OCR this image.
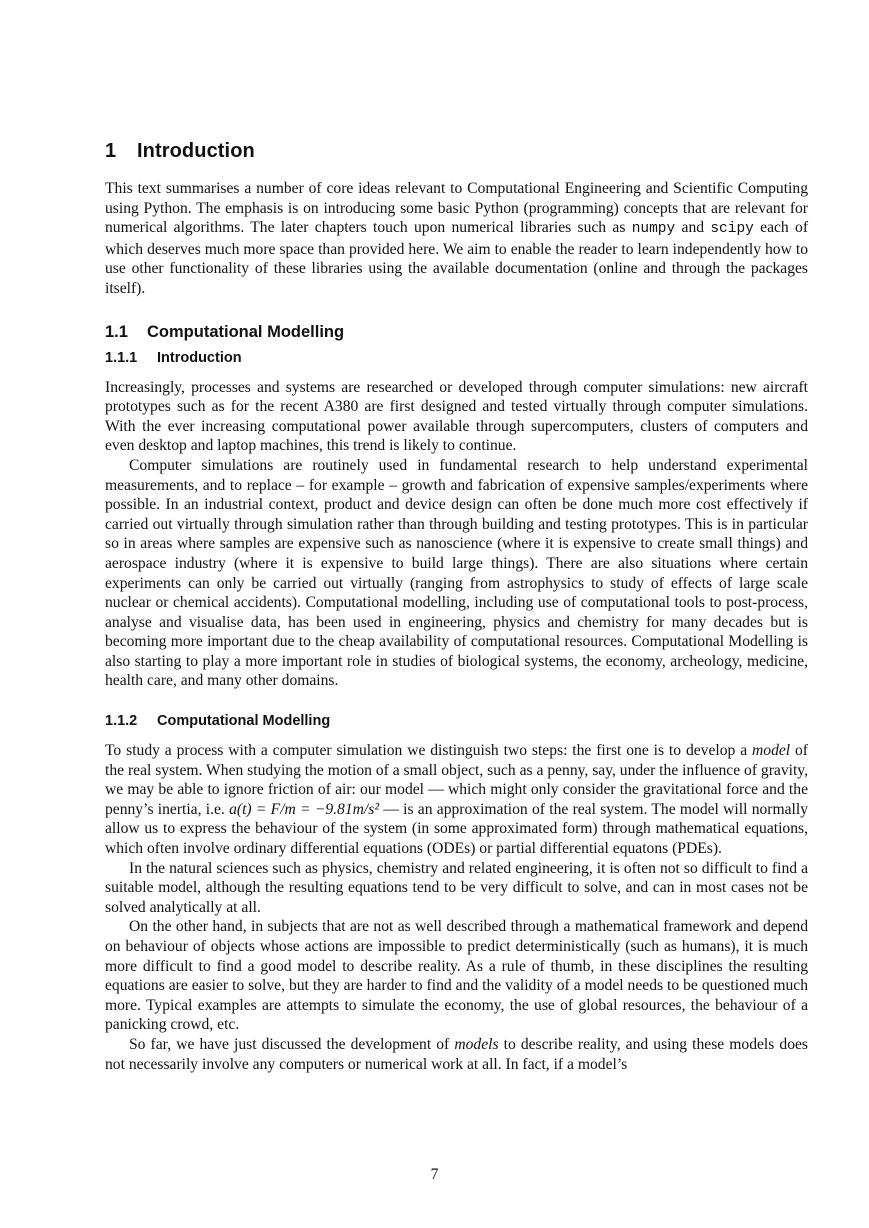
1 Introduction

This text summarises a number of core ideas relevant to Computational Engineering and Scientific Computing using Python. The emphasis is on introducing some basic Python (programming) concepts that are relevant for numerical algorithms. The later chapters touch upon numerical libraries such as numpy and scipy each of which deserves much more space than provided here. We aim to enable the reader to learn independently how to use other functionality of these libraries using the available documentation (online and through the packages itself).

1.1 Computational Modelling
1.1.1 Introduction

Increasingly, processes and systems are researched or developed through computer simulations: new aircraft prototypes such as for the recent A380 are first designed and tested virtually through computer simulations. With the ever increasing computational power available through supercomputers, clusters of computers and even desktop and laptop machines, this trend is likely to continue.

Computer simulations are routinely used in fundamental research to help understand experimental measurements, and to replace – for example – growth and fabrication of expensive samples/experiments where possible. In an industrial context, product and device design can often be done much more cost effectively if carried out virtually through simulation rather than through building and testing prototypes. This is in particular so in areas where samples are expensive such as nanoscience (where it is expensive to create small things) and aerospace industry (where it is expensive to build large things). There are also situations where certain experiments can only be carried out virtually (ranging from astrophysics to study of effects of large scale nuclear or chemical accidents). Computational modelling, including use of computational tools to post-process, analyse and visualise data, has been used in engineering, physics and chemistry for many decades but is becoming more important due to the cheap availability of computational resources. Computational Modelling is also starting to play a more important role in studies of biological systems, the economy, archeology, medicine, health care, and many other domains.

1.1.2 Computational Modelling

To study a process with a computer simulation we distinguish two steps: the first one is to develop a model of the real system. When studying the motion of a small object, such as a penny, say, under the influence of gravity, we may be able to ignore friction of air: our model — which might only consider the gravitational force and the penny’s inertia, i.e. a(t) = F/m = −9.81m/s² — is an approximation of the real system. The model will normally allow us to express the behaviour of the system (in some approximated form) through mathematical equations, which often involve ordinary differential equations (ODEs) or partial differential equatons (PDEs).

In the natural sciences such as physics, chemistry and related engineering, it is often not so difficult to find a suitable model, although the resulting equations tend to be very difficult to solve, and can in most cases not be solved analytically at all.

On the other hand, in subjects that are not as well described through a mathematical framework and depend on behaviour of objects whose actions are impossible to predict deterministically (such as humans), it is much more difficult to find a good model to describe reality. As a rule of thumb, in these disciplines the resulting equations are easier to solve, but they are harder to find and the validity of a model needs to be questioned much more. Typical examples are attempts to simulate the economy, the use of global resources, the behaviour of a panicking crowd, etc.

So far, we have just discussed the development of models to describe reality, and using these models does not necessarily involve any computers or numerical work at all. In fact, if a model’s

7
